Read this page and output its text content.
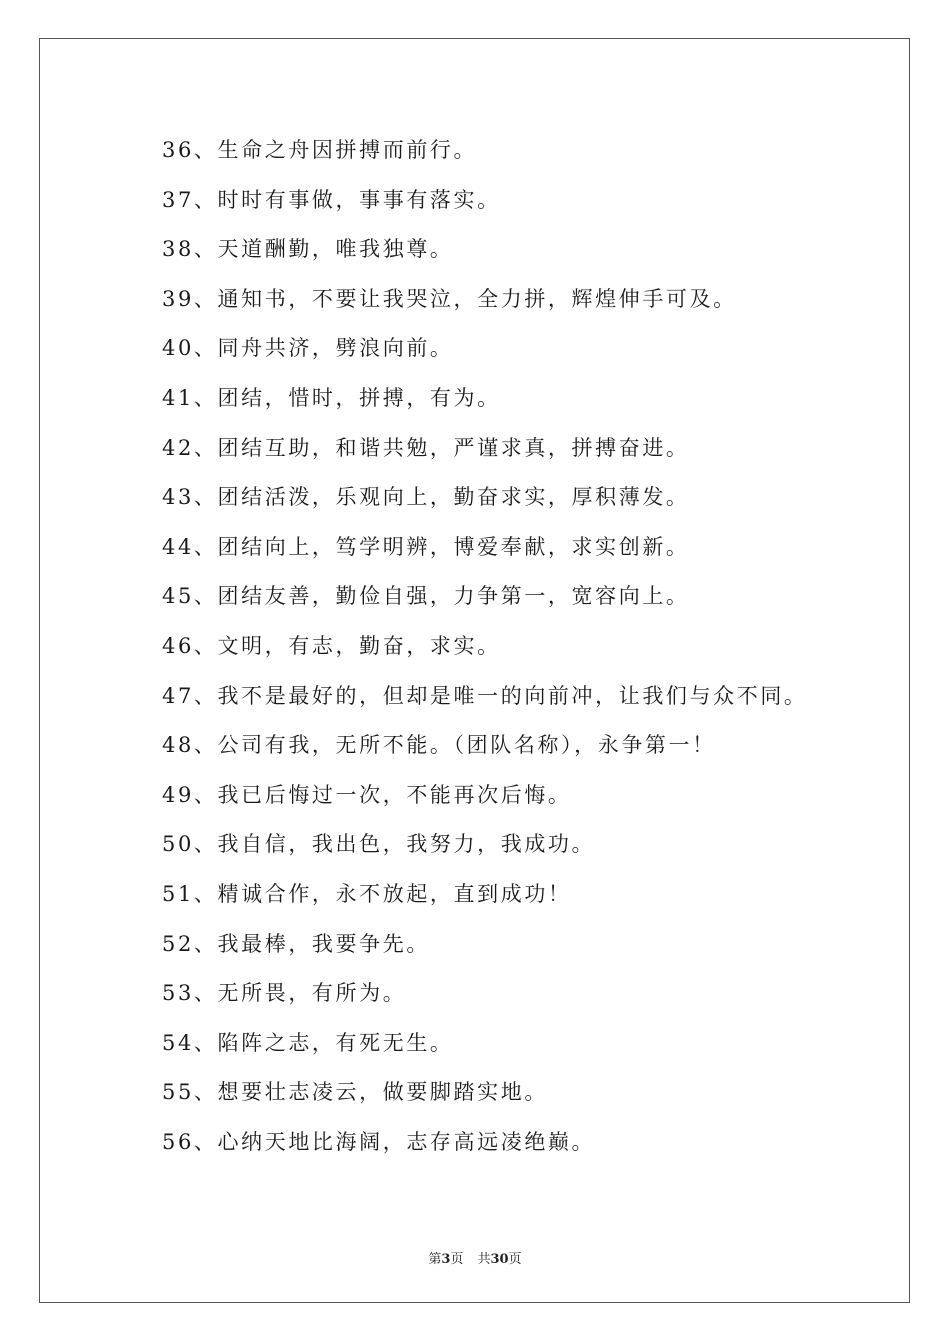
36、生命之舟因拼搏而前行。
37、时时有事做，事事有落实。
38、天道酬勤，唯我独尊。
39、通知书，不要让我哭泣，全力拼，辉煌伸手可及。
40、同舟共济，劈浪向前。
41、团结，惜时，拼搏，有为。
42、团结互助，和谐共勉，严谨求真，拼搏奋进。
43、团结活泼，乐观向上，勤奋求实，厚积薄发。
44、团结向上，笃学明辨，博爱奉献，求实创新。
45、团结友善，勤俭自强，力争第一，宽容向上。
46、文明，有志，勤奋，求实。
47、我不是最好的，但却是唯一的向前冲，让我们与众不同。
48、公司有我，无所不能。（团队名称），永争第一！
49、我已后悔过一次，不能再次后悔。
50、我自信，我出色，我努力，我成功。
51、精诚合作，永不放起，直到成功！
52、我最棒，我要争先。
53、无所畏，有所为。
54、陷阵之志，有死无生。
55、想要壮志凌云，做要脚踏实地。
56、心纳天地比海阔，志存高远凌绝巅。
第3页 共30页
